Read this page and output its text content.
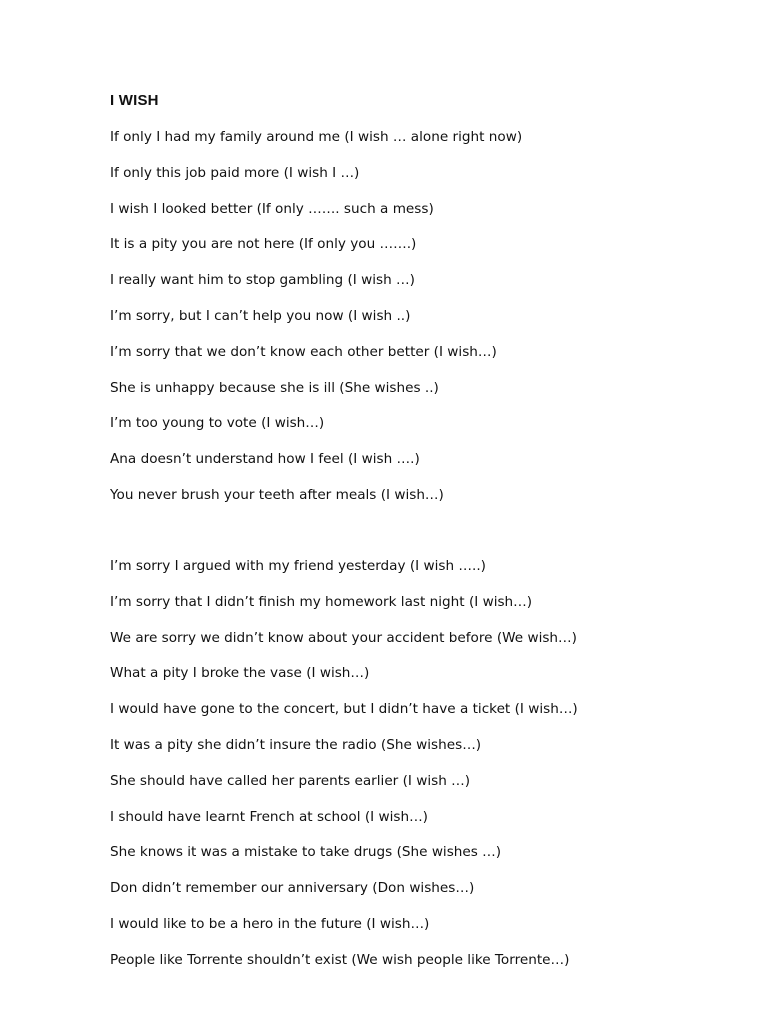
I WISH
If only I had my family around me (I wish … alone right now)
If only this job paid more (I wish I …)
I wish I looked better (If only ……. such a mess)
It is a pity you are not here (If only you …….)
I really want him to stop gambling (I wish …)
I’m sorry, but I can’t help you now (I wish ..)
I’m sorry that we don’t know each other better (I wish…)
She is unhappy because she is ill (She wishes ..)
I’m too young to vote (I wish…)
Ana doesn’t understand how I feel (I wish ….)
You never brush your teeth after meals (I wish…)
I’m sorry I argued with my friend yesterday (I wish …..)
I’m sorry that I didn’t finish my homework last night (I wish…)
We are sorry we didn’t know about your accident before (We wish…)
What a pity I broke the vase (I wish…)
I would have gone to the concert, but I didn’t have a ticket (I wish…)
It was a pity she didn’t insure the radio (She wishes…)
She should have called her parents earlier (I wish …)
I should have learnt French at school (I wish…)
She knows it was a mistake to take drugs (She wishes …)
Don didn’t remember our anniversary (Don wishes…)
I would like to be a hero in the future (I wish…)
People like Torrente shouldn’t exist (We wish people like Torrente…)
